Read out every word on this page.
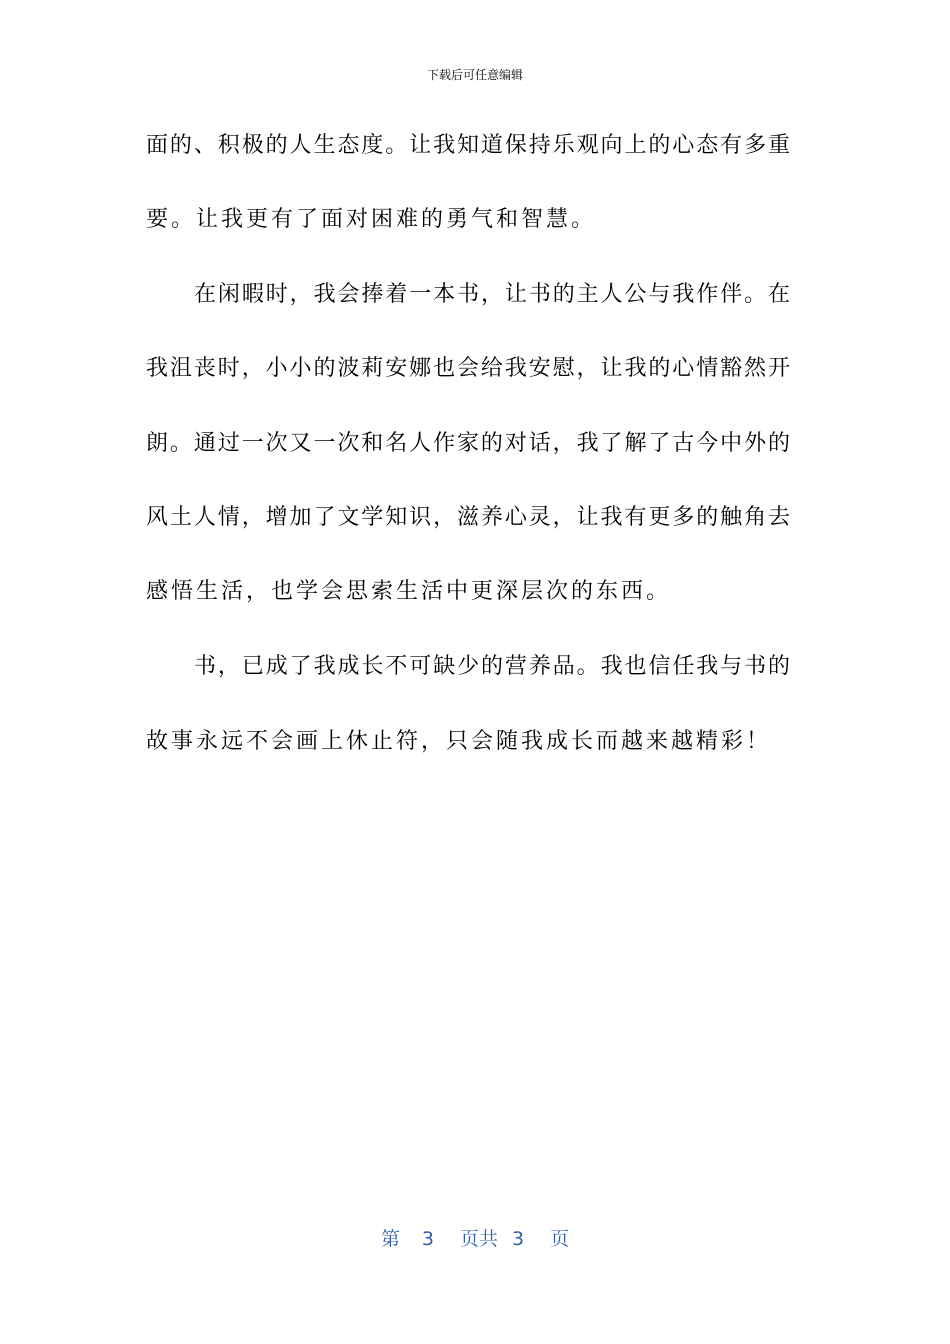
下载后可任意编辑
面的、积极的人生态度。让我知道保持乐观向上的心态有多重
要。让我更有了面对困难的勇气和智慧。
在闲暇时，我会捧着一本书，让书的主人公与我作伴。在
我沮丧时，小小的波莉安娜也会给我安慰，让我的心情豁然开
朗。通过一次又一次和名人作家的对话，我了解了古今中外的
风土人情，增加了文学知识，滋养心灵，让我有更多的触角去
感悟生活，也学会思索生活中更深层次的东西。
书，已成了我成长不可缺少的营养品。我也信任我与书的
故事永远不会画上休止符，只会随我成长而越来越精彩！
第 3 页共 3 页
